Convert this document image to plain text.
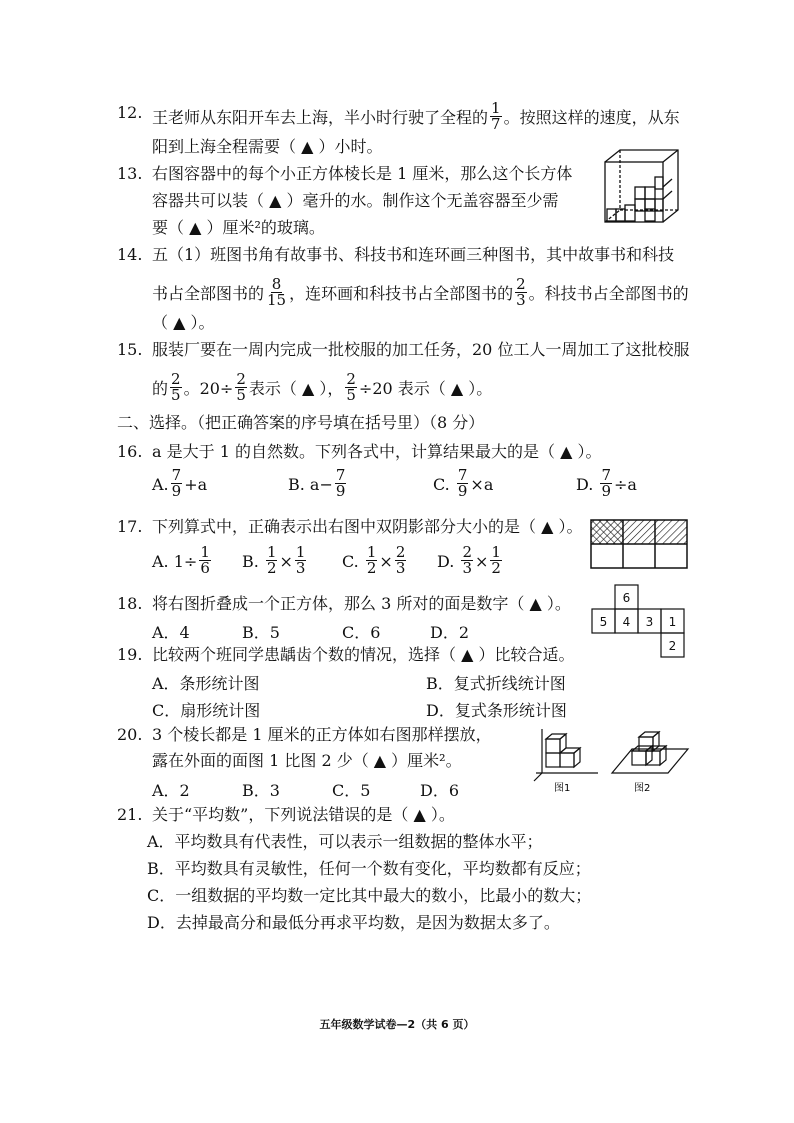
12. 王老师从东阳开车去上海，半小时行驶了全程的 $\frac{1}{7}$ 。按照这样的速度，从东
阳到上海全程需要（ ▲ ）小时。
13. 右图容器中的每个小正方体棱长是 1 厘米，那么这个长方体
容器共可以装（ ▲ ）毫升的水。制作这个无盖容器至少需
要（ ▲ ）厘米²的玻璃。
14. 五（1）班图书角有故事书、科技书和连环画三种图书，其中故事书和科技
书占全部图书的 $\frac{8}{15}$ ，连环画和科技书占全部图书的 $\frac{2}{3}$ 。科技书占全部图书的
（ ▲ ）。
15. 服装厂要在一周内完成一批校服的加工任务，20 位工人一周加工了这批校服
的 $\frac{2}{5}$ 。$20\div \frac{2}{5}$ 表示（ ▲ ）， $\frac{2}{5} \div 20$ 表示（ ▲ ）。
二、选择。（把正确答案的序号填在括号里）（8 分）
16. a 是大于 1 的自然数。下列各式中，计算结果最大的是（ ▲ ）。
A. $\frac{7}{9} +a$	B. $a- \frac{7}{9}$	C. $\frac{7}{9} \times a$	D. $\frac{7}{9} \div a$
17. 下列算式中，正确表示出右图中双阴影部分大小的是（ ▲ ）。
A. $1\div \frac{1}{6} B$. $\frac{1}{2} \times \frac{1}{3} C$. $\frac{1}{2} \times \frac{2}{3} D$. $\frac{2}{3} \times \frac{1}{2}$
18. 将右图折叠成一个正方体，那么 3 所对的面是数字（ ▲ ）。
A．4	B．5	C．6	D．2
6
5 4 3 1
2
19. 比较两个班同学患龋齿个数的情况，选择（ ▲ ）比较合适。
A．条形统计图	B．复式折线统计图
C．扇形统计图	D．复式条形统计图
20. 3 个棱长都是 1 厘米的正方体如右图那样摆放，
露在外面的面图 1 比图 2 少（ ▲ ）厘米²。
A．2	B．3	C．5	D．6	图1	图2
21. 关于“平均数”，下列说法错误的是（ ▲ ）。
A．平均数具有代表性，可以表示一组数据的整体水平；
B．平均数具有灵敏性，任何一个数有变化，平均数都有反应；
C．一组数据的平均数一定比其中最大的数小，比最小的数大；
D．去掉最高分和最低分再求平均数，是因为数据太多了。
五年级数学试卷—2（共 6 页）
